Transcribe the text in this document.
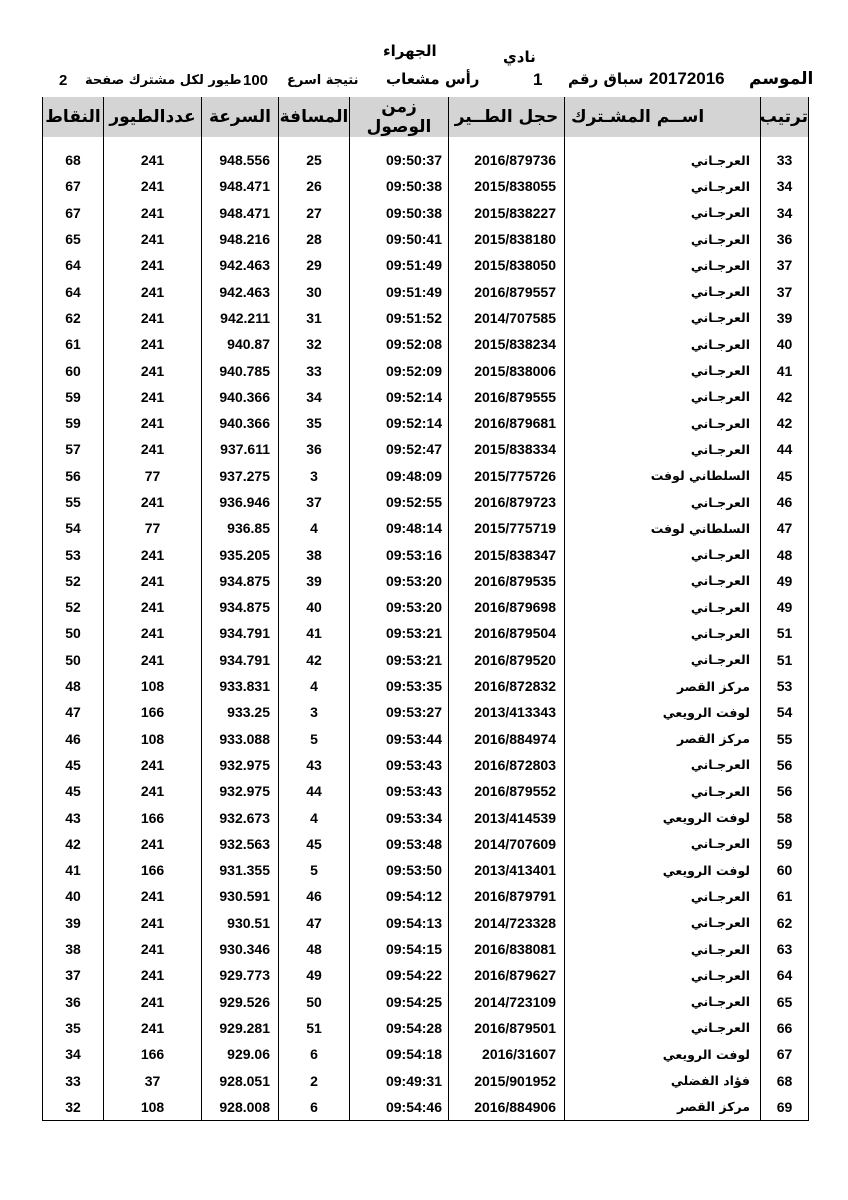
الجهراء	نادي
الموسم
20172016
سباق رقم
1
رأس مشعاب
نتيجة اسرع
100
طيور لكل مشترك صفحة
2
ترتيب	اســم المشـترك	حجل الطــير	زمن الوصول	المسافة	السرعة	عددالطيور	النقاط

33	العرجـاني	2016/879736	09:50:37	25	948.556	241	68
34	العرجـاني	2015/838055	09:50:38	26	948.471	241	67
34	العرجـاني	2015/838227	09:50:38	27	948.471	241	67
36	العرجـاني	2015/838180	09:50:41	28	948.216	241	65
37	العرجـاني	2015/838050	09:51:49	29	942.463	241	64
37	العرجـاني	2016/879557	09:51:49	30	942.463	241	64
39	العرجـاني	2014/707585	09:51:52	31	942.211	241	62
40	العرجـاني	2015/838234	09:52:08	32	940.87	241	61
41	العرجـاني	2015/838006	09:52:09	33	940.785	241	60
42	العرجـاني	2016/879555	09:52:14	34	940.366	241	59
42	العرجـاني	2016/879681	09:52:14	35	940.366	241	59
44	العرجـاني	2015/838334	09:52:47	36	937.611	241	57
45	السلطاني لوفت	2015/775726	09:48:09	3	937.275	77	56
46	العرجـاني	2016/879723	09:52:55	37	936.946	241	55
47	السلطاني لوفت	2015/775719	09:48:14	4	936.85	77	54
48	العرجـاني	2015/838347	09:53:16	38	935.205	241	53
49	العرجـاني	2016/879535	09:53:20	39	934.875	241	52
49	العرجـاني	2016/879698	09:53:20	40	934.875	241	52
51	العرجـاني	2016/879504	09:53:21	41	934.791	241	50
51	العرجـاني	2016/879520	09:53:21	42	934.791	241	50
53	مركز القصر	2016/872832	09:53:35	4	933.831	108	48
54	لوفت الرويعي	2013/413343	09:53:27	3	933.25	166	47
55	مركز القصر	2016/884974	09:53:44	5	933.088	108	46
56	العرجـاني	2016/872803	09:53:43	43	932.975	241	45
56	العرجـاني	2016/879552	09:53:43	44	932.975	241	45
58	لوفت الرويعي	2013/414539	09:53:34	4	932.673	166	43
59	العرجـاني	2014/707609	09:53:48	45	932.563	241	42
60	لوفت الرويعي	2013/413401	09:53:50	5	931.355	166	41
61	العرجـاني	2016/879791	09:54:12	46	930.591	241	40
62	العرجـاني	2014/723328	09:54:13	47	930.51	241	39
63	العرجـاني	2016/838081	09:54:15	48	930.346	241	38
64	العرجـاني	2016/879627	09:54:22	49	929.773	241	37
65	العرجـاني	2014/723109	09:54:25	50	929.526	241	36
66	العرجـاني	2016/879501	09:54:28	51	929.281	241	35
67	لوفت الرويعي	2016/31607	09:54:18	6	929.06	166	34
68	فؤاد الفضلي	2015/901952	09:49:31	2	928.051	37	33
69	مركز القصر	2016/884906	09:54:46	6	928.008	108	32
